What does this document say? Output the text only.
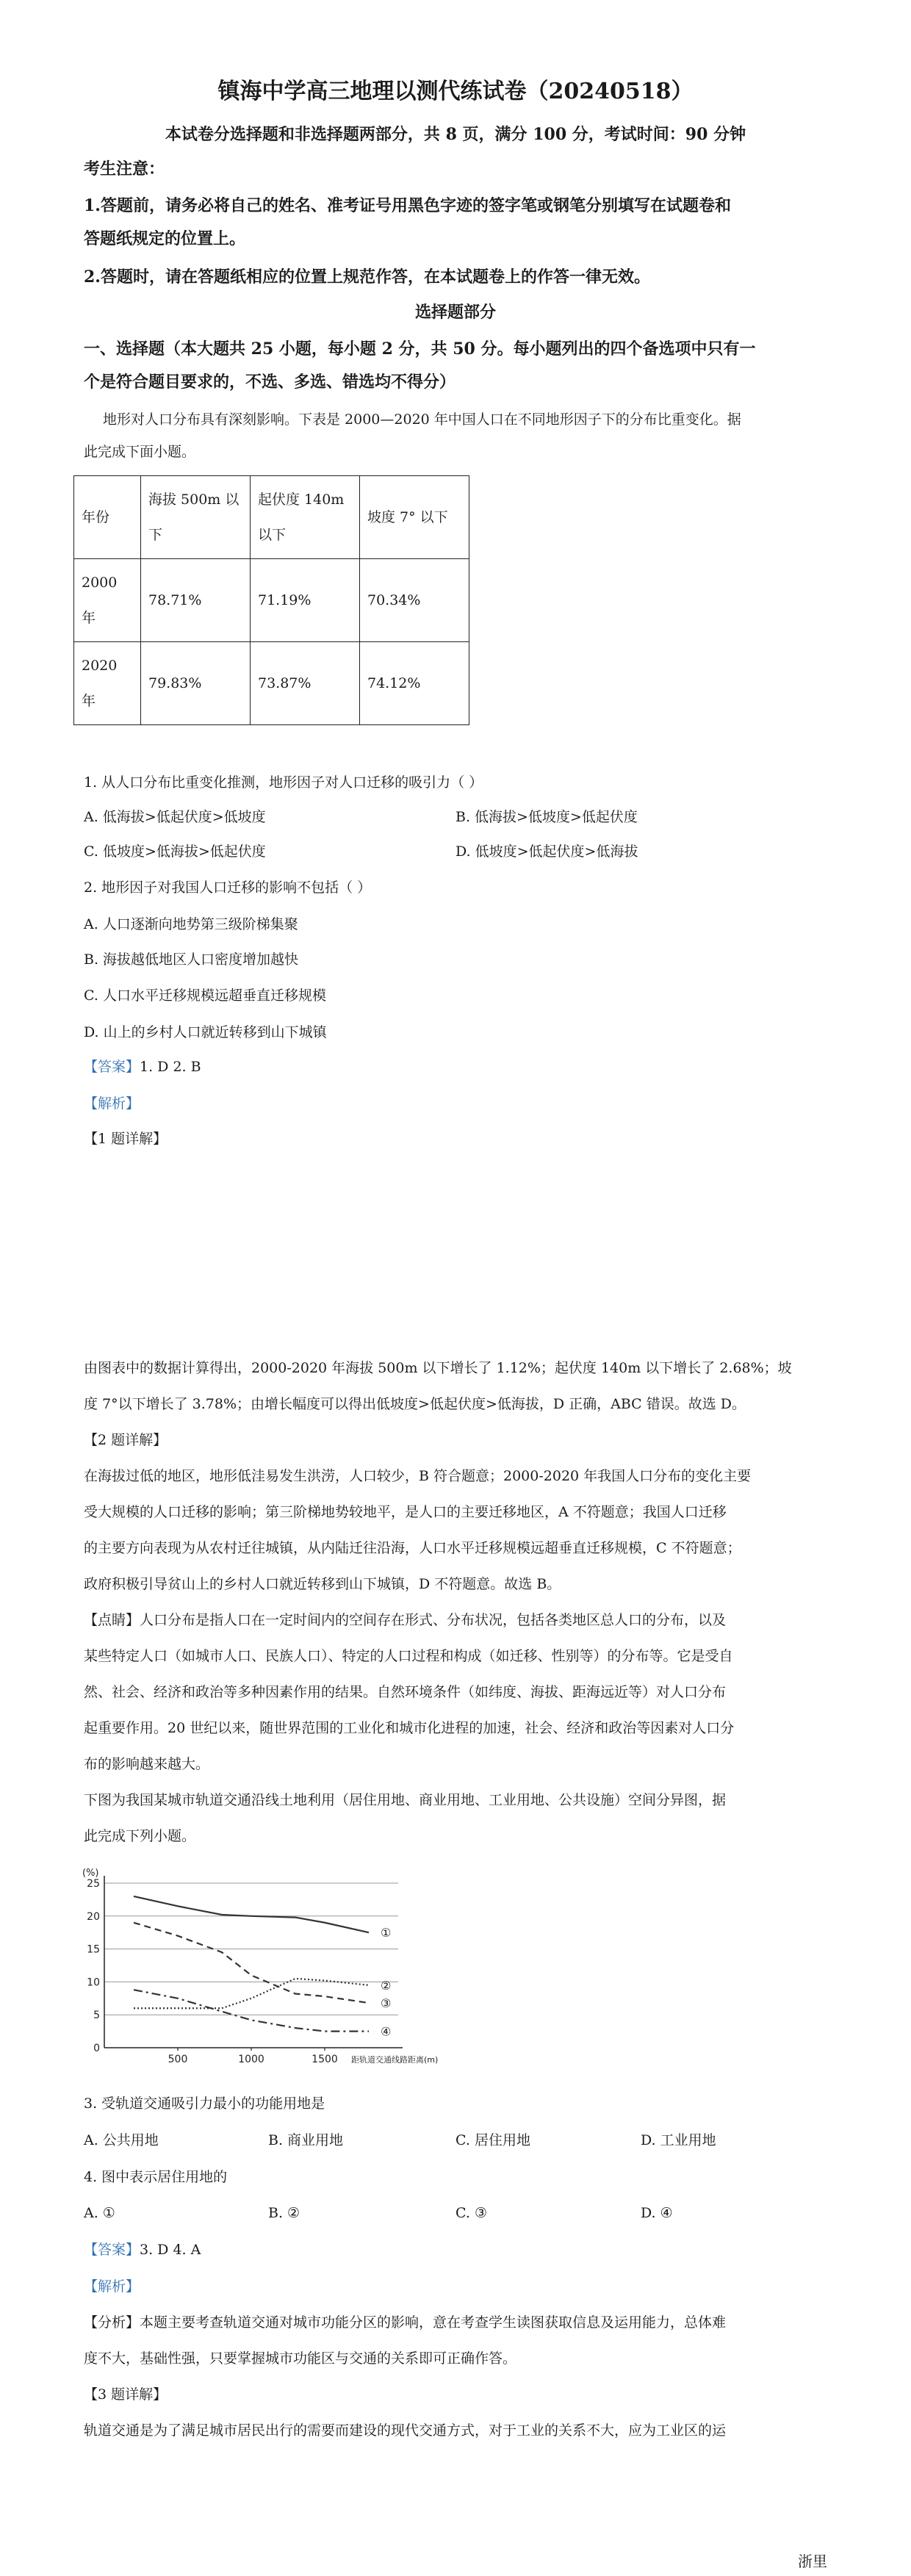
镇海中学高三地理以测代练试卷（20240518）
本试卷分选择题和非选择题两部分，共 8 页，满分 100 分，考试时间：90 分钟
考生注意：
1.答题前，请务必将自己的姓名、准考证号用黑色字迹的签字笔或钢笔分别填写在试题卷和
答题纸规定的位置上。
2.答题时，请在答题纸相应的位置上规范作答，在本试题卷上的作答一律无效。
选择题部分
一、选择题（本大题共 25 小题，每小题 2 分，共 50 分。每小题列出的四个备选项中只有一
个是符合题目要求的，不选、多选、错选均不得分）
地形对人口分布具有深刻影响。下表是 2000—2020 年中国人口在不同地形因子下的分布比重变化。据
此完成下面小题。
年份	海拔 500m 以下	起伏度 140m 以下	坡度 7° 以下
2000 年	78.71%	71.19%	70.34%
2020 年	79.83%	73.87%	74.12%
1. 从人口分布比重变化推测，地形因子对人口迁移的吸引力（ ）
A. 低海拔>低起伏度>低坡度	B. 低海拔>低坡度>低起伏度
C. 低坡度>低海拔>低起伏度	D. 低坡度>低起伏度>低海拔
2. 地形因子对我国人口迁移的影响不包括（ ）
A. 人口逐渐向地势第三级阶梯集聚
B. 海拔越低地区人口密度增加越快
C. 人口水平迁移规模远超垂直迁移规模
D. 山上的乡村人口就近转移到山下城镇
【答案】1. D 2. B
【解析】
【1 题详解】
由图表中的数据计算得出，2000-2020 年海拔 500m 以下增长了 1.12%；起伏度 140m 以下增长了 2.68%；坡
度 7°以下增长了 3.78%；由增长幅度可以得出低坡度>低起伏度>低海拔，D 正确，ABC 错误。故选 D。
【2 题详解】
在海拔过低的地区，地形低洼易发生洪涝，人口较少，B 符合题意；2000-2020 年我国人口分布的变化主要
受大规模的人口迁移的影响；第三阶梯地势较地平，是人口的主要迁移地区，A 不符题意；我国人口迁移
的主要方向表现为从农村迁往城镇，从内陆迁往沿海，人口水平迁移规模远超垂直迁移规模，C 不符题意；
政府积极引导贫山上的乡村人口就近转移到山下城镇，D 不符题意。故选 B。
【点睛】人口分布是指人口在一定时间内的空间存在形式、分布状况，包括各类地区总人口的分布，以及
某些特定人口（如城市人口、民族人口）、特定的人口过程和构成（如迁移、性别等）的分布等。它是受自
然、社会、经济和政治等多种因素作用的结果。自然环境条件（如纬度、海拔、距海远近等）对人口分布
起重要作用。20 世纪以来，随世界范围的工业化和城市化进程的加速，社会、经济和政治等因素对人口分
布的影响越来越大。
下图为我国某城市轨道交通沿线土地利用（居住用地、商业用地、工业用地、公共设施）空间分异图，据
此完成下列小题。
0
5
10
15
20
25
(%)
500	1000	1500 距轨道交通线路距离(m)
①
②
③
④
3. 受轨道交通吸引力最小的功能用地是
A. 公共用地	B. 商业用地	C. 居住用地	D. 工业用地
4. 图中表示居住用地的
A. ①	B. ②	C. ③	D. ④
【答案】3. D 4. A
【解析】
【分析】本题主要考查轨道交通对城市功能分区的影响，意在考查学生读图获取信息及运用能力，总体难
度不大，基础性强，只要掌握城市功能区与交通的关系即可正确作答。
【3 题详解】
轨道交通是为了满足城市居民出行的需要而建设的现代交通方式，对于工业的关系不大，应为工业区的运
浙里
